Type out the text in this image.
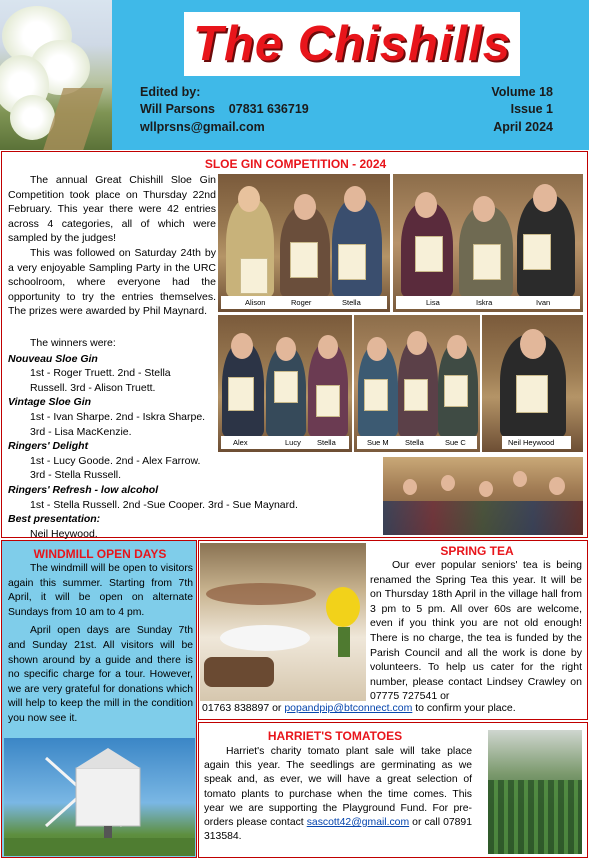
The Chishills
Edited by:
Will Parsons    07831 636719
wllprsns@gmail.com
Volume 18
Issue 1
April 2024
SLOE GIN COMPETITION - 2024

The annual Great Chishill Sloe Gin Competition took place on Thursday 22nd February. This year there were 42 entries across 4 categories, all of which were sampled by the judges!

This was followed on Saturday 24th by a very enjoyable Sampling Party in the URC schoolroom, where everyone had the opportunity to try the entries themselves. The prizes were awarded by Phil Maynard.

The winners were:
Nouveau Sloe Gin
1st - Roger Truett. 2nd - Stella
Russell. 3rd - Alison Truett.
Vintage Sloe Gin
1st - Ivan Sharpe. 2nd - Iskra Sharpe.
3rd - Lisa MacKenzie.
Ringers' Delight
1st - Lucy Goode. 2nd - Alex Farrow.
3rd - Stella Russell.
Ringers' Refresh - low alcohol
1st - Stella Russell. 2nd -Sue Cooper. 3rd - Sue Maynard.
Best presentation:
Neil Heywood.
Alison	Roger	Stella	Lisa	Iskra	Ivan
Alex	Lucy Stella	Sue M Stella	Sue C	Neil Heywood
WINDMILL OPEN DAYS

The windmill will be open to visitors again this summer. Starting from 7th April, it will be open on alternate Sundays from 10 am to 4 pm.

April open days are Sunday 7th and Sunday 21st. All visitors will be shown around by a guide and there is no specific charge for a tour. However, we are very grateful for donations which will help to keep the mill in the condition you now see it.

SPRING TEA

Our ever popular seniors' tea is being renamed the Spring Tea this year. It will be on Thursday 18th April in the village hall from 3 pm to 5 pm. All over 60s are welcome, even if you think you are not old enough! There is no charge, the tea is funded by the Parish Council and all the work is done by volunteers. To help us cater for the right number, please contact Lindsey Crawley on 07775 727541 or

01763 838897 or popandpip@btconnect.com to confirm your place.

HARRIET'S TOMATOES

Harriet's charity tomato plant sale will take place again this year. The seedlings are germinating as we speak and, as ever, we will have a great selection of tomato plants to purchase when the time comes. This year we are supporting the Playground Fund. For pre-orders please contact sascott42@gmail.com or call 07891 313584.
